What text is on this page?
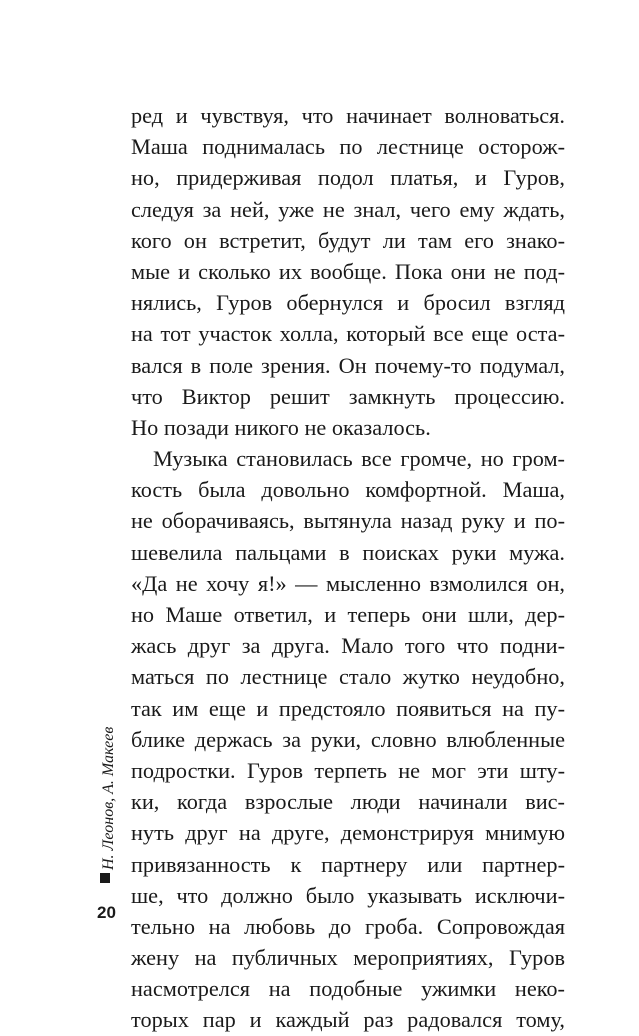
ред и чувствуя, что начинает волноваться.
Маша поднималась по лестнице осторож-
но, придерживая подол платья, и Гуров,
следуя за ней, уже не знал, чего ему ждать,
кого он встретит, будут ли там его знако-
мые и сколько их вообще. Пока они не под-
нялись, Гуров обернулся и бросил взгляд
на тот участок холла, который все еще оста-
вался в поле зрения. Он почему-то подумал,
что Виктор решит замкнуть процессию.
Но позади никого не оказалось.
Музыка становилась все громче, но гром-
кость была довольно комфортной. Маша,
не оборачиваясь, вытянула назад руку и по-
шевелила пальцами в поисках руки мужа.
«Да не хочу я!» — мысленно взмолился он,
но Маше ответил, и теперь они шли, дер-
жась друг за друга. Мало того что подни-
маться по лестнице стало жутко неудобно,
так им еще и предстояло появиться на пу-
блике держась за руки, словно влюбленные
подростки. Гуров терпеть не мог эти шту-
ки, когда взрослые люди начинали вис-
нуть друг на друге, демонстрируя мнимую
привязанность к партнеру или партнер-
ше, что должно было указывать исключи-
тельно на любовь до гроба. Сопровождая
жену на публичных мероприятиях, Гуров
насмотрелся на подобные ужимки неко-
торых пар и каждый раз радовался тому,
Н. Леонов, А. Макеев
20
